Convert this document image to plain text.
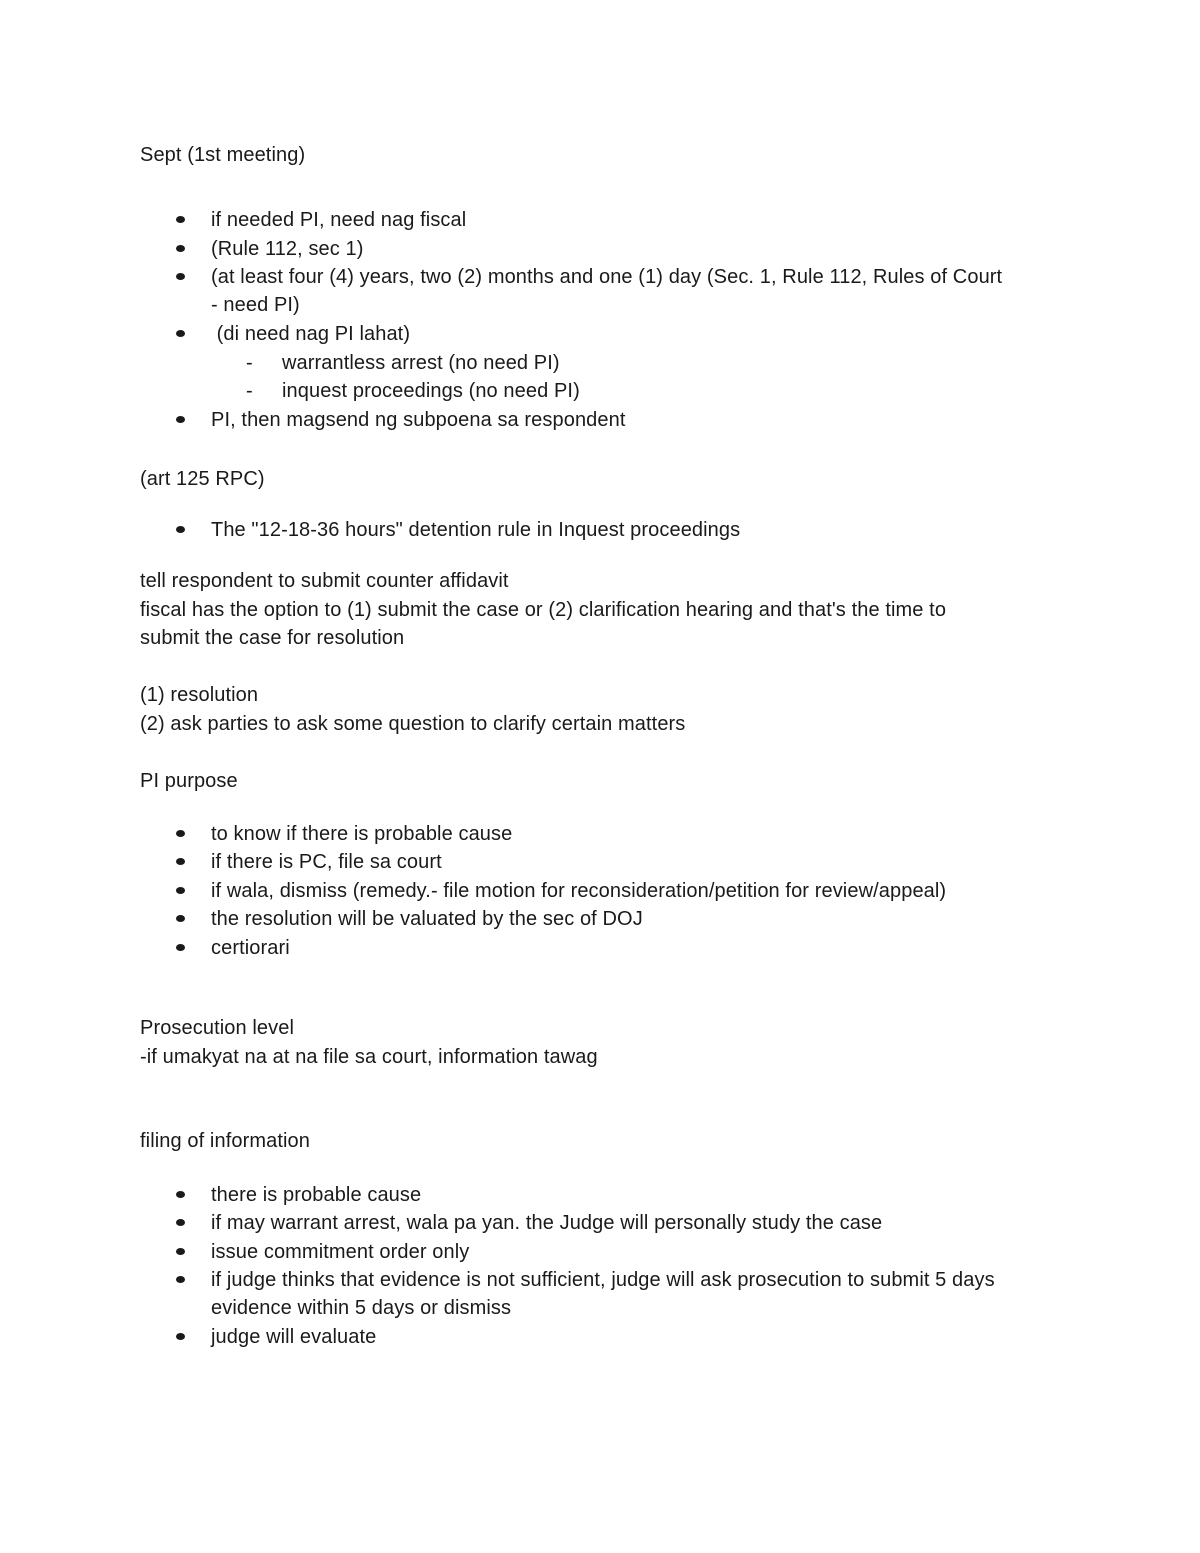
Sept (1st meeting)
if needed PI, need nag fiscal
(Rule 112, sec 1)
(at least four (4) years, two (2) months and one (1) day (Sec. 1, Rule 112, Rules of Court
- need PI)
(di need nag PI lahat)
- warrantless arrest (no need PI)
- inquest proceedings (no need PI)
PI, then magsend ng subpoena sa respondent
(art 125 RPC)
The "12-18-36 hours" detention rule in Inquest proceedings
tell respondent to submit counter affidavit
fiscal has the option to (1) submit the case or (2) clarification hearing and that's the time to
submit the case for resolution
(1) resolution
(2) ask parties to ask some question to clarify certain matters
PI purpose
to know if there is probable cause
if there is PC, file sa court
if wala, dismiss (remedy.- file motion for reconsideration/petition for review/appeal)
the resolution will be valuated by the sec of DOJ
certiorari
Prosecution level
-if umakyat na at na file sa court, information tawag
filing of information
there is probable cause
if may warrant arrest, wala pa yan. the Judge will personally study the case
issue commitment order only
if judge thinks that evidence is not sufficient, judge will ask prosecution to submit 5 days
evidence within 5 days or dismiss
judge will evaluate
